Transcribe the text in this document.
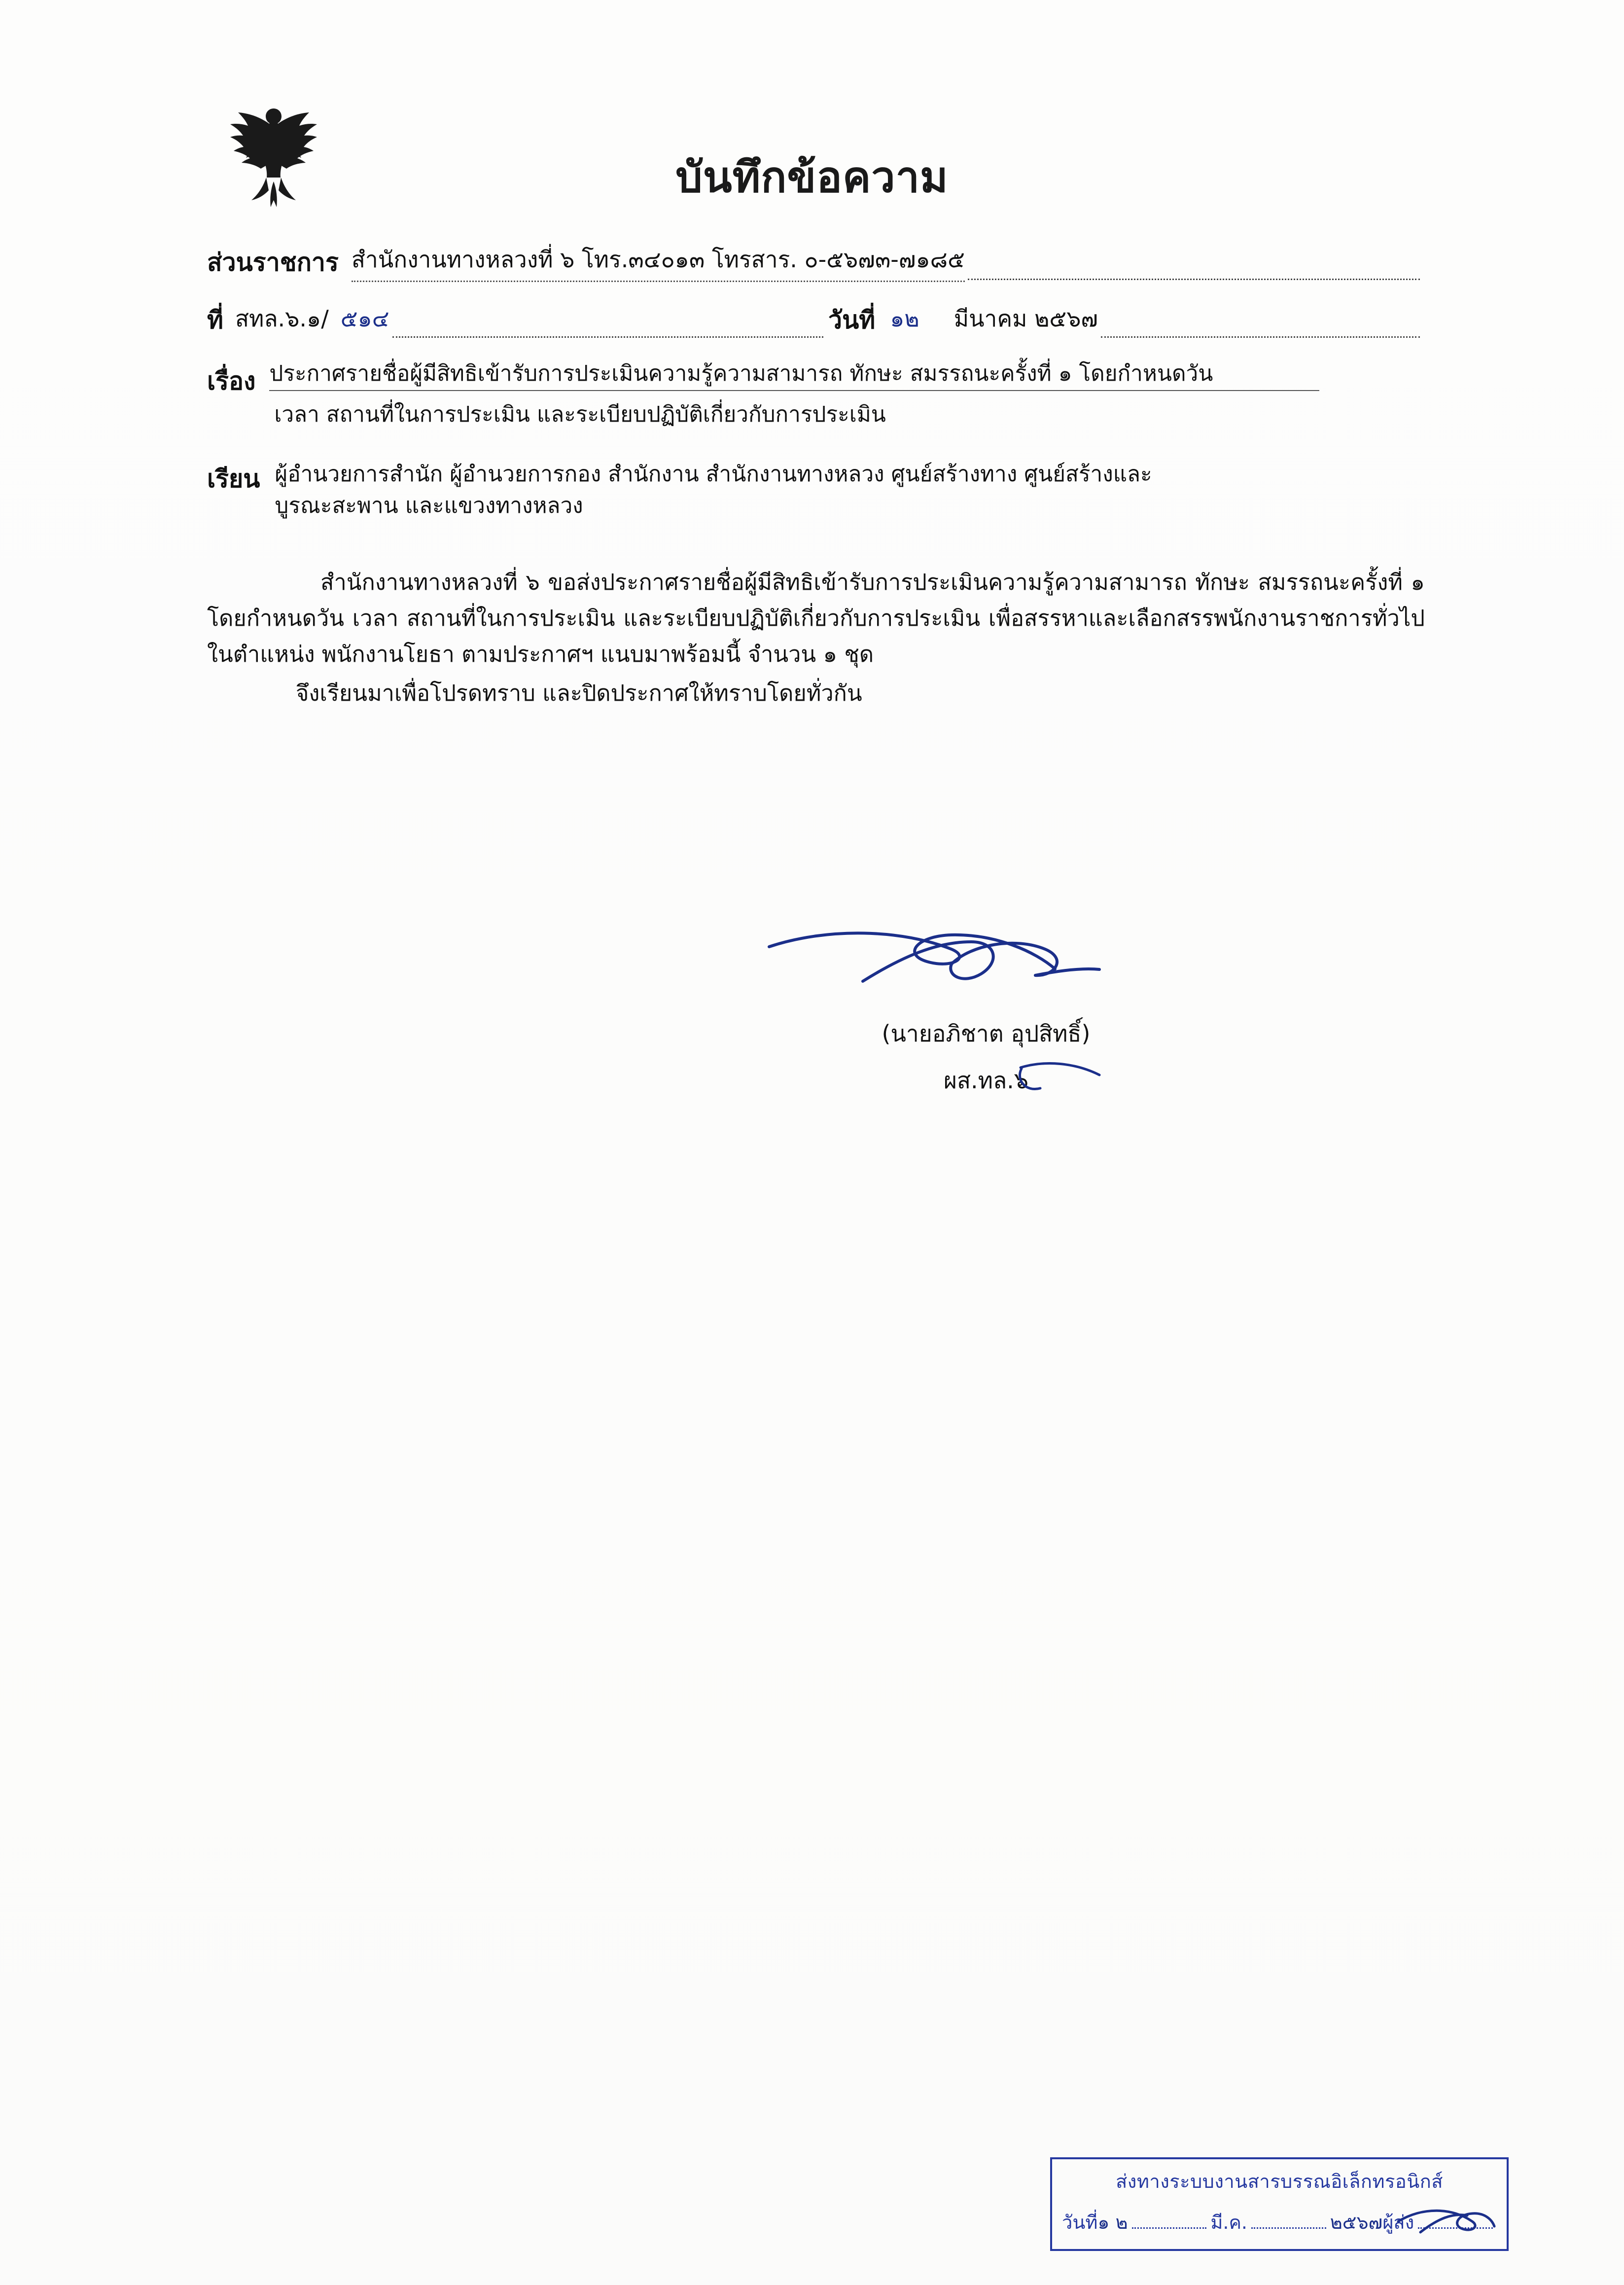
บันทึกข้อความ
ส่วนราชการ สำนักงานทางหลวงที่ ๖ โทร.๓๔๐๑๓ โทรสาร. ๐-๕๖๗๓-๗๑๘๕
ที่ สทล.๖.๑/ ๕๑๔	วันที่ ๑๒ มีนาคม ๒๕๖๗
เรื่อง ประกาศรายชื่อผู้มีสิทธิเข้ารับการประเมินความรู้ความสามารถ ทักษะ สมรรถนะครั้งที่ ๑ โดยกำหนดวัน
เวลา สถานที่ในการประเมิน และระเบียบปฏิบัติเกี่ยวกับการประเมิน
เรียน ผู้อำนวยการสำนัก ผู้อำนวยการกอง สำนักงาน สำนักงานทางหลวง ศูนย์สร้างทาง ศูนย์สร้างและ
บูรณะสะพาน และแขวงทางหลวง

สำนักงานทางหลวงที่ ๖ ขอส่งประกาศรายชื่อผู้มีสิทธิเข้ารับการประเมินความรู้ความสามารถ ทักษะ สมรรถนะครั้งที่ ๑ โดยกำหนดวัน เวลา สถานที่ในการประเมิน และระเบียบปฏิบัติเกี่ยวกับการประเมิน เพื่อสรรหาและเลือกสรรพนักงานราชการทั่วไปในตำแหน่ง พนักงานโยธา ตามประกาศฯ แนบมาพร้อมนี้ จำนวน ๑ ชุด

จึงเรียนมาเพื่อโปรดทราบ และปิดประกาศให้ทราบโดยทั่วกัน

(นายอภิชาต อุปสิทธิ์)
ผส.ทล.๖
ส่งทางระบบงานสารบรรณอิเล็กทรอนิกส์
วันที่ ๑ ๒	มี.ค.	๒๕๖๗ ผู้ส่ง
